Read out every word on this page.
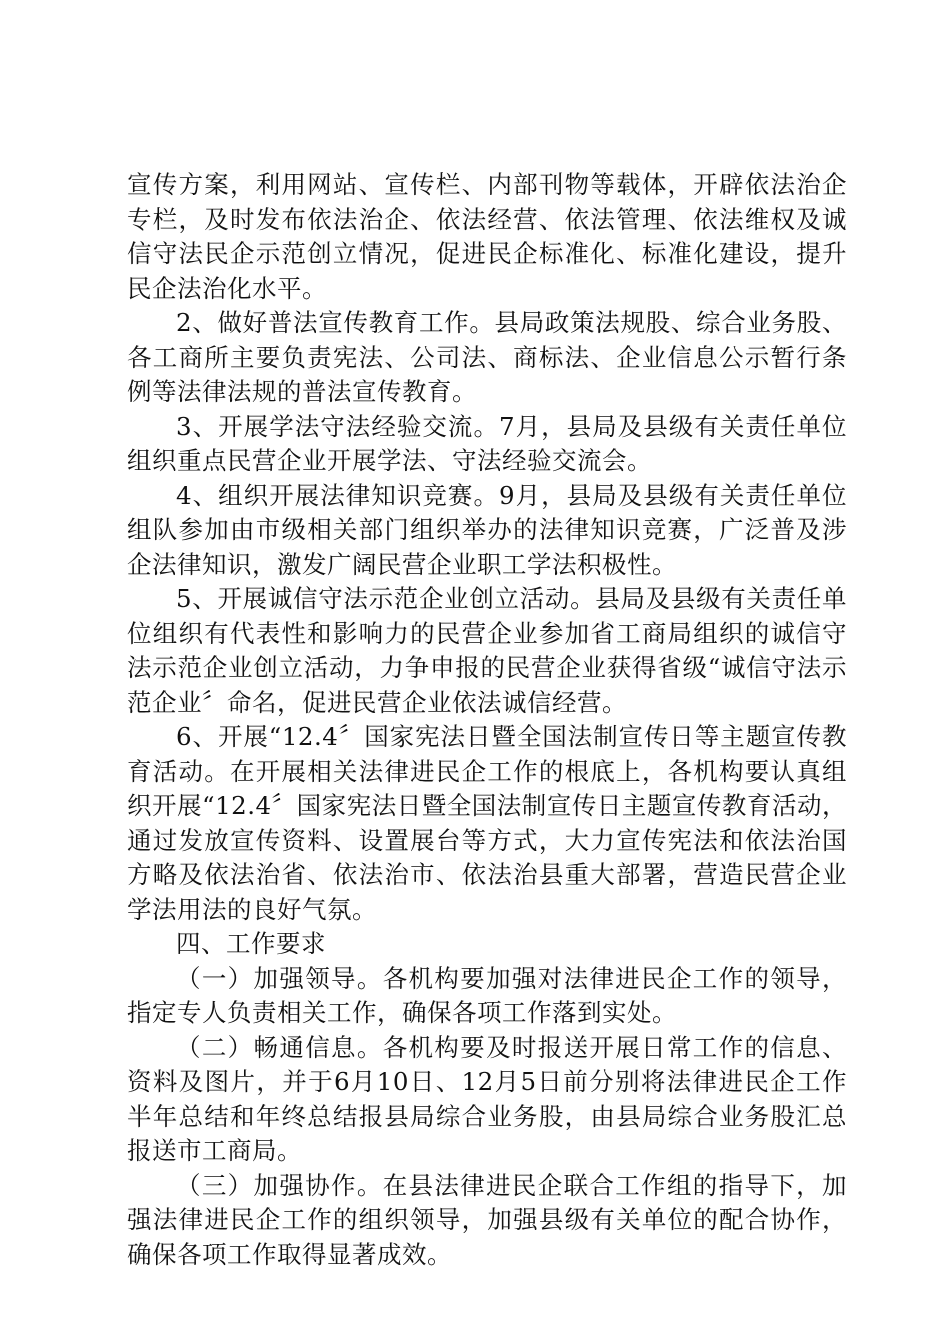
宣传方案，利用网站、宣传栏、内部刊物等载体，开辟依法治企专栏，及时发布依法治企、依法经营、依法管理、依法维权及诚信守法民企示范创立情况，促进民企标准化、标准化建设，提升民企法治化水平。

2、做好普法宣传教育工作。县局政策法规股、综合业务股、各工商所主要负责宪法、公司法、商标法、企业信息公示暂行条例等法律法规的普法宣传教育。

3、开展学法守法经验交流。7月，县局及县级有关责任单位组织重点民营企业开展学法、守法经验交流会。

4、组织开展法律知识竞赛。9月，县局及县级有关责任单位组队参加由市级相关部门组织举办的法律知识竞赛，广泛普及涉企法律知识，激发广阔民营企业职工学法积极性。

5、开展诚信守法示范企业创立活动。县局及县级有关责任单位组织有代表性和影响力的民营企业参加省工商局组织的诚信守法示范企业创立活动，力争申报的民营企业获得省级“诚信守法示范企业〞命名，促进民营企业依法诚信经营。

6、开展“12.4〞国家宪法日暨全国法制宣传日等主题宣传教育活动。在开展相关法律进民企工作的根底上，各机构要认真组织开展“12.4〞国家宪法日暨全国法制宣传日主题宣传教育活动，通过发放宣传资料、设置展台等方式，大力宣传宪法和依法治国方略及依法治省、依法治市、依法治县重大部署，营造民营企业学法用法的良好气氛。

四、工作要求

（一）加强领导。各机构要加强对法律进民企工作的领导，指定专人负责相关工作，确保各项工作落到实处。

（二）畅通信息。各机构要及时报送开展日常工作的信息、资料及图片，并于6月10日、12月5日前分别将法律进民企工作半年总结和年终总结报县局综合业务股，由县局综合业务股汇总报送市工商局。

（三）加强协作。在县法律进民企联合工作组的指导下，加强法律进民企工作的组织领导，加强县级有关单位的配合协作，确保各项工作取得显著成效。
